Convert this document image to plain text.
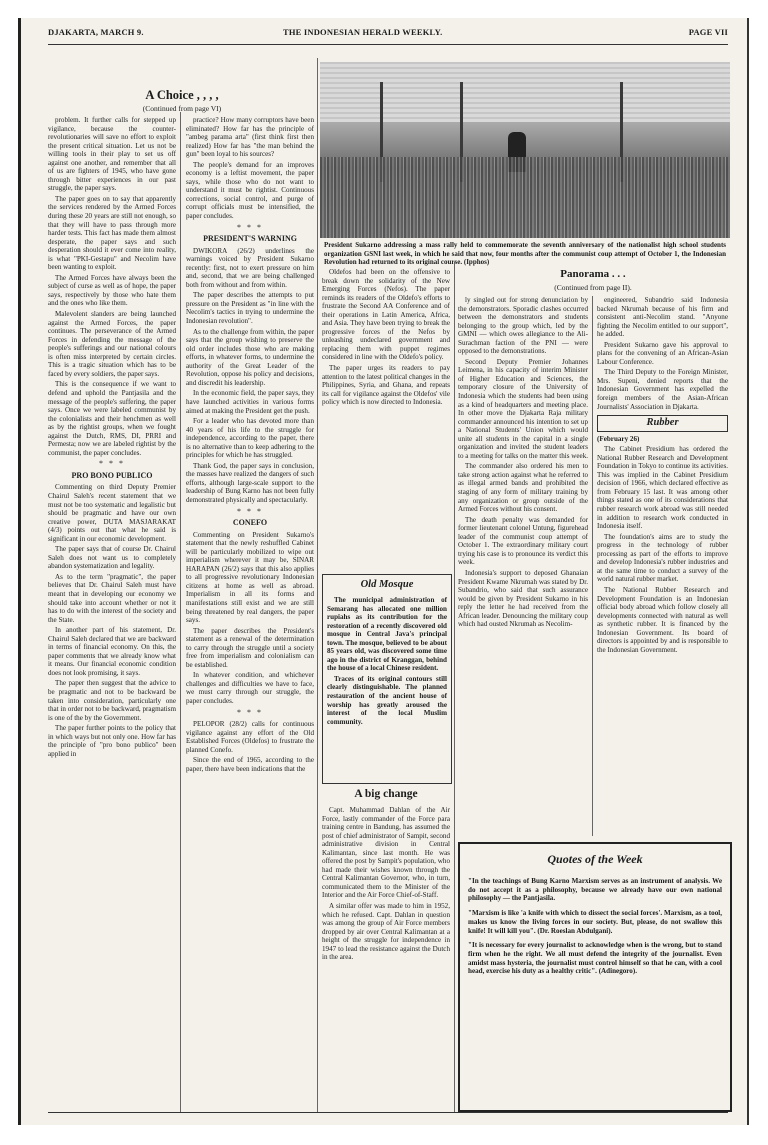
DJAKARTA, MARCH 9.	THE INDONESIAN HERALD WEEKLY.	PAGE VII
A Choice , , , ,
(Continued from page VI)

problem. It further calls for stepped up vigilance, because the counter-revolutionaries will save no effort to exploit the present critical situation. Let us not be willing tools in their play to set us off against one another, and remember that all of us are fighters of 1945, who have gone through bitter experiences in our past struggle, the paper says.

The paper goes on to say that apparently the services rendered by the Armed Forces during these 20 years are still not enough, so that they will have to pass through more harder tests. This fact has made them almost desperate, the paper says and such desperation should it ever come into reality, is what "PKI-Gestapu" and Necolim have been wanting to exploit.

The Armed Forces have always been the subject of curse as well as of hope, the paper says, respectively by those who hate them and the ones who like them.

Malevolent slanders are being launched against the Armed Forces, the paper continues. The perseverance of the Armed Forces in defending the message of the people's sufferings and our national colours is often miss interpreted by certain circles. This is a tragic situation which has to be faced by every soldiers, the paper says.

This is the consequence if we want to defend and uphold the Pantjasila and the message of the people's suffering, the paper says. Once we were labeled communist by the colonialists and their henchmen as well as by the rightist groups, when we fought against the Dutch, RMS, DI, PRRI and Permesta; now we are labeled rightist by the communist, the paper concludes.

* * *
PRO BONO PUBLICO

Commenting on third Deputy Premier Chairul Saleh's recent statement that we must not be too systematic and legalistic but should be pragmatic and have our own creative power, DUTA MASJARAKAT (4/3) points out that what he said is significant in our economic development.

The paper says that of course Dr. Chairul Saleh does not want us to completely abandon systematization and legality.

As to the term "pragmatic", the paper believes that Dr. Chairul Saleh must have meant that in developing our economy we should take into account whether or not it has to do with the interest of the society and the State.

In another part of his statement, Dr. Chairul Saleh declared that we are backward in terms of financial economy. On this, the paper comments that we already know what it means. Our financial economic condition does not look promising, it says.

The paper then suggest that the advice to be pragmatic and not to be backward be taken into consideration, particularly one that in order not to be backward, pragmatism is one of the by the Government.

The paper further points to the policy that in which ways but not only one. How far has the principle of "pro bono publico" been applied in

practice? How many corruptors have been eliminated? How far has the principle of "ambeg parama arta" (first think first then realized) How far has "the man behind the gun" been loyal to his sources?

The people's demand for an improves economy is a leftist movement, the paper says, while those who do not want to understand it must be rightist. Continuous corrections, social control, and purge of corrupt officials must be intensified, the paper concludes.

* * *
PRESIDENT'S WARNING

DWIKORA (26/2) underlines the warnings voiced by President Sukarno recently: first, not to exert pressure on him and, second, that we are being challenged both from without and from within.

The paper describes the attempts to put pressure on the President as "in line with the Necolim's tactics in trying to undermine the Indonesian revolution".

As to the challenge from within, the paper says that the group wishing to preserve the old order includes those who are making efforts, in whatever forms, to undermine the authority of the Great Leader of the Revolution, oppose his policy and decisions, and discredit his leadership.

In the economic field, the paper says, they have launched activities in various forms aimed at making the President get the push.

For a leader who has devoted more than 40 years of his life to the struggle for independence, according to the paper, there is no alternative than to keep adhering to the principles for which he has struggled.

Thank God, the paper says in conclusion, the masses have realized the dangers of such efforts, although large-scale support to the leadership of Bung Karno has not been fully demonstrated physically and spectacularly.

* * *
CONEFO

Commenting on President Sukarno's statement that the newly reshuffled Cabinet will be particularly mobilized to wipe out imperialism wherever it may be, SINAR HARAPAN (26/2) says that this also applies to all progressive revolutionary Indonesian citizens at home as well as abroad. Imperialism in all its forms and manifestations still exist and we are still being threatened by real dangers, the paper says.

The paper describes the President's statement as a renewal of the determination to carry through the struggle until a society free from imperialism and colonialism can be established.

In whatever condition, and whichever challenges and difficulties we have to face, we must carry through our struggle, the paper concludes.

* * *

PELOPOR (28/2) calls for continuous vigilance against any effort of the Old Established Forces (Oldefos) to frustrate the planned Conefo.

Since the end of 1965, according to the paper, there have been indications that the

President Sukarno addressing a mass rally held to commemorate the seventh anniversary of the nationalist high school students organization GSNI last week, in which he said that now, four months after the communist coup attempt of October 1, the Indonesian Revolution had returned to its original course. (Ipphos)

Oldefos had been on the offensive to break down the solidarity of the New Emerging Forces (Nefos). The paper reminds its readers of the Oldefo's efforts to frustrate the Second AA Conference and of their operations in Latin America, Africa, and Asia. They have been trying to break the progressive forces of the Nefos by unleashing undeclared government and replacing them with puppet regimes considered in line with the Oldefo's policy.

The paper urges its readers to pay attention to the latest political changes in the Philippines, Syria, and Ghana, and repeats its call for vigilance against the Oldefos' vile policy which is now directed to Indonesia.

Old Mosque

The municipal administration of Semarang has allocated one million rupiahs as its contribution for the restoration of a recently discovered old mosque in Central Java's principal town. The mosque, believed to be about 85 years old, was discovered some time ago in the district of Kranggan, behind the house of a local Chinese resident.

Traces of its original contours still clearly distinguishable. The planned restauration of the ancient house of worship has greatly aroused the interest of the local Muslim community.

A big change

Capt. Muhammad Dahlan of the Air Force, lastly commander of the Force para training centre in Bandung, has assumed the post of chief administrator of Sampit, second administrative division in Central Kalimantan, since last month. He was offered the post by Sampit's population, who had made their wishes known through the Central Kalimantan Governor, who, in turn, communicated them to the Minister of the Interior and the Air Force Chief-of-Staff.

A similar offer was made to him in 1952, which he refused. Capt. Dahlan in question was among the group of Air Force members dropped by air over Central Kalimantan at a height of the struggle for independence in 1947 to lead the resistance against the Dutch in the area.

Panorama . . .
(Continued from page II).

ly singled out for strong denunciation by the demonstrators. Sporadic clashes occurred between the demonstrators and students belonging to the group which, led by the GMNI — which owes allegiance to the Ali-Surachman faction of the PNI — were opposed to the demonstrations.

Second Deputy Premier Johannes Leimena, in his capacity of interim Minister of Higher Education and Sciences, the temporary closure of the University of Indonesia which the students had been using as a kind of headquarters and meeting place. In other move the Djakarta Raja military commander announced his intention to set up a National Students' Union which would unite all students in the capital in a single organization and invited the student leaders to a meeting for talks on the matter this week.

The commander also ordered his men to take strong action against what he referred to as illegal armed bands and prohibited the staging of any form of military training by any organization or group outside of the Armed Forces without his consent.

The death penalty was demanded for former lieutenant colonel Untung, figurehead leader of the communist coup attempt of October 1. The extraordinary military court trying his case is to pronounce its verdict this week.

Indonesia's support to deposed Ghanaian President Kwame Nkrumah was stated by Dr. Subandrio, who said that such assurance would be given by President Sukarno in his reply the letter he had received from the African leader. Denouncing the military coup which had ousted Nkrumah as Necolim-

engineered, Subandrio said Indonesia backed Nkrumah because of his firm and consistent anti-Necolim stand. "Anyone fighting the Necolim entitled to our support", he added.

President Sukarno gave his approval to plans for the convening of an African-Asian Labour Conference.

The Third Deputy to the Foreign Minister, Mrs. Supeni, denied reports that the Indonesian Government has expelled the foreign members of the Asian-African Journalists' Association in Djakarta.

Rubber

(February 26)

The Cabinet Presidium has ordered the National Rubber Research and Development Foundation in Tokyo to continue its activities. This was implied in the Cabinet Presidium decision of 1966, which declared effective as from February 15 last. It was among other things stated as one of its considerations that rubber research work abroad was still needed in addition to research work conducted in Indonesia itself.

The foundation's aims are to study the progress in the technology of rubber processing as part of the efforts to improve and develop Indonesia's rubber industries and at the same time to conduct a survey of the world natural rubber market.

The National Rubber Research and Development Foundation is an Indonesian official body abroad which follow closely all developments connected with natural as well as synthetic rubber. It is financed by the Indonesian Government. Its board of directors is appointed by and is responsible to the Indonesian Government.

Quotes of the Week

"In the teachings of Bung Karno Marxism serves as an instrument of analysis. We do not accept it as a philosophy, because we already have our own national philosophy — the Pantjasila.

"Marxism is like 'a knife with which to dissect the social forces'. Marxism, as a tool, makes us know the living forces in our society. But, please, do not swallow this knife! It will kill you". (Dr. Roeslan Abdulgani).

"It is necessary for every journalist to acknowledge when is the wrong, but to stand firm when he the right. We all must defend the integrity of the journalist. Even amidst mass hysteria, the journalist must control himself so that he can, with a cool head, exercise his duty as a healthy critic". (Adinegoro).
